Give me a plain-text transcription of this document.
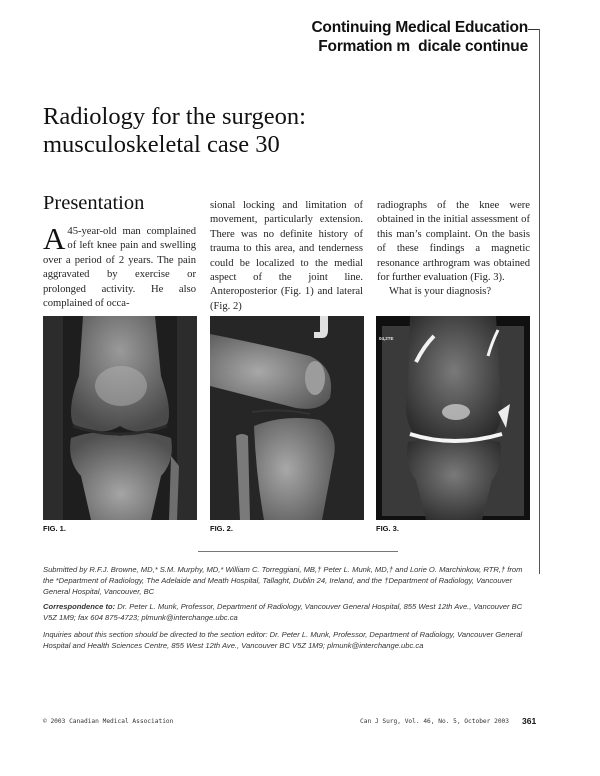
Continuing Medical Education
Formation m  dicale continue
Radiology for the surgeon: musculoskeletal case 30
Presentation
A 45-year-old man complained of left knee pain and swelling over a period of 2 years. The pain aggravated by exercise or prolonged activity. He also complained of occa-
sional locking and limitation of movement, particularly extension. There was no definite history of trauma to this area, and tenderness could be localized to the medial aspect of the joint line. Anteroposterior (Fig. 1) and lateral (Fig. 2)
radiographs of the knee were obtained in the initial assessment of this man’s complaint. On the basis of these findings a magnetic resonance arthrogram was obtained for further evaluation (Fig. 3).
What is your diagnosis?
04,2TE
FIG. 1.	FIG. 2.	FIG. 3.
Submitted by R.F.J. Browne, MD,* S.M. Murphy, MD,* William C. Torreggiani, MB,† Peter L. Munk, MD,† and Lorie O. Marchinkow, RTR,† from the *Department of Radiology, The Adelaide and Meath Hospital, Tallaght, Dublin 24, Ireland, and the †Department of Radiology, Vancouver General Hospital, Vancouver, BC
Correspondence to: Dr. Peter L. Munk, Professor, Department of Radiology, Vancouver General Hospital, 855 West 12th Ave., Vancouver BC V5Z 1M9; fax 604 875-4723; plmunk@interchange.ubc.ca
Inquiries about this section should be directed to the section editor: Dr. Peter L. Munk, Professor, Department of Radiology, Vancouver General Hospital and Health Sciences Centre, 855 West 12th Ave., Vancouver BC V5Z 1M9; plmunk@interchange.ubc.ca
© 2003 Canadian Medical Association	Can J Surg, Vol. 46, No. 5, October 2003 361
